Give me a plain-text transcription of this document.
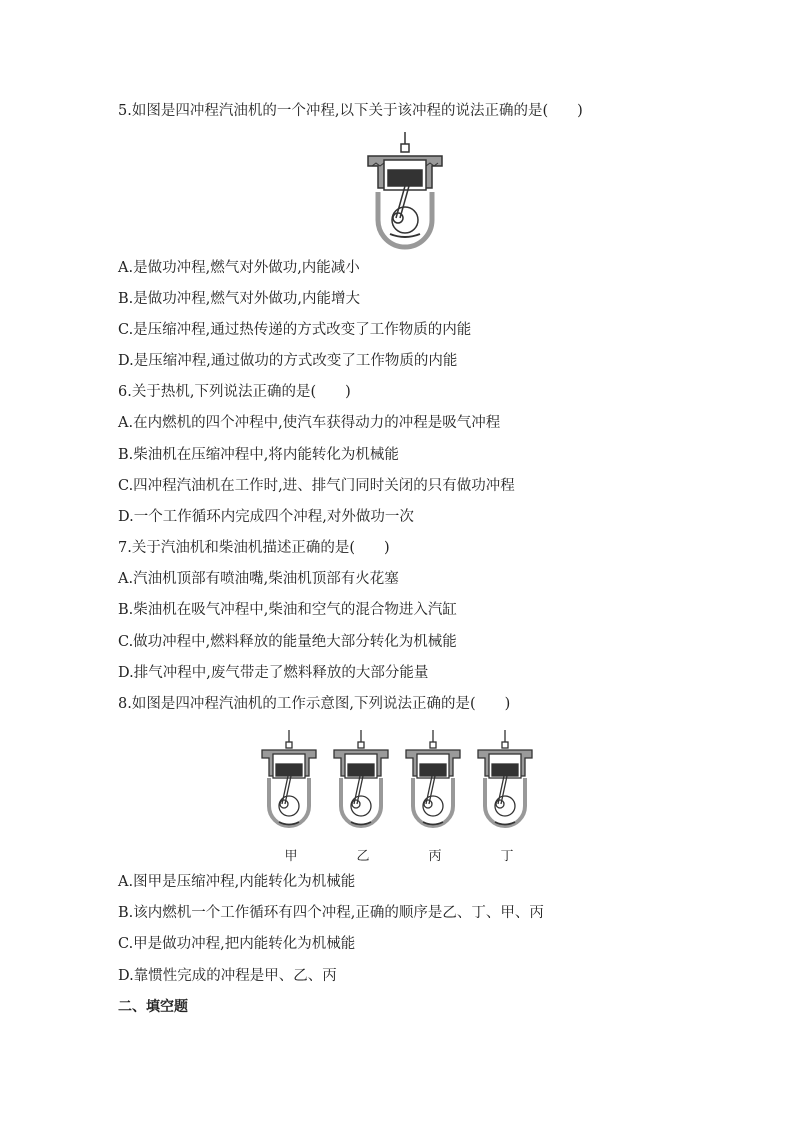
5.如图是四冲程汽油机的一个冲程,以下关于该冲程的说法正确的是(　　)
A.是做功冲程,燃气对外做功,内能减小
B.是做功冲程,燃气对外做功,内能增大
C.是压缩冲程,通过热传递的方式改变了工作物质的内能
D.是压缩冲程,通过做功的方式改变了工作物质的内能
6.关于热机,下列说法正确的是(　　)
A.在内燃机的四个冲程中,使汽车获得动力的冲程是吸气冲程
B.柴油机在压缩冲程中,将内能转化为机械能
C.四冲程汽油机在工作时,进、排气门同时关闭的只有做功冲程
D.一个工作循环内完成四个冲程,对外做功一次
7.关于汽油机和柴油机描述正确的是(　　)
A.汽油机顶部有喷油嘴,柴油机顶部有火花塞
B.柴油机在吸气冲程中,柴油和空气的混合物进入汽缸
C.做功冲程中,燃料释放的能量绝大部分转化为机械能
D.排气冲程中,废气带走了燃料释放的大部分能量
8.如图是四冲程汽油机的工作示意图,下列说法正确的是(　　)
甲	乙	丙	丁
A.图甲是压缩冲程,内能转化为机械能
B.该内燃机一个工作循环有四个冲程,正确的顺序是乙、丁、甲、丙
C.甲是做功冲程,把内能转化为机械能
D.靠惯性完成的冲程是甲、乙、丙
二、填空题
